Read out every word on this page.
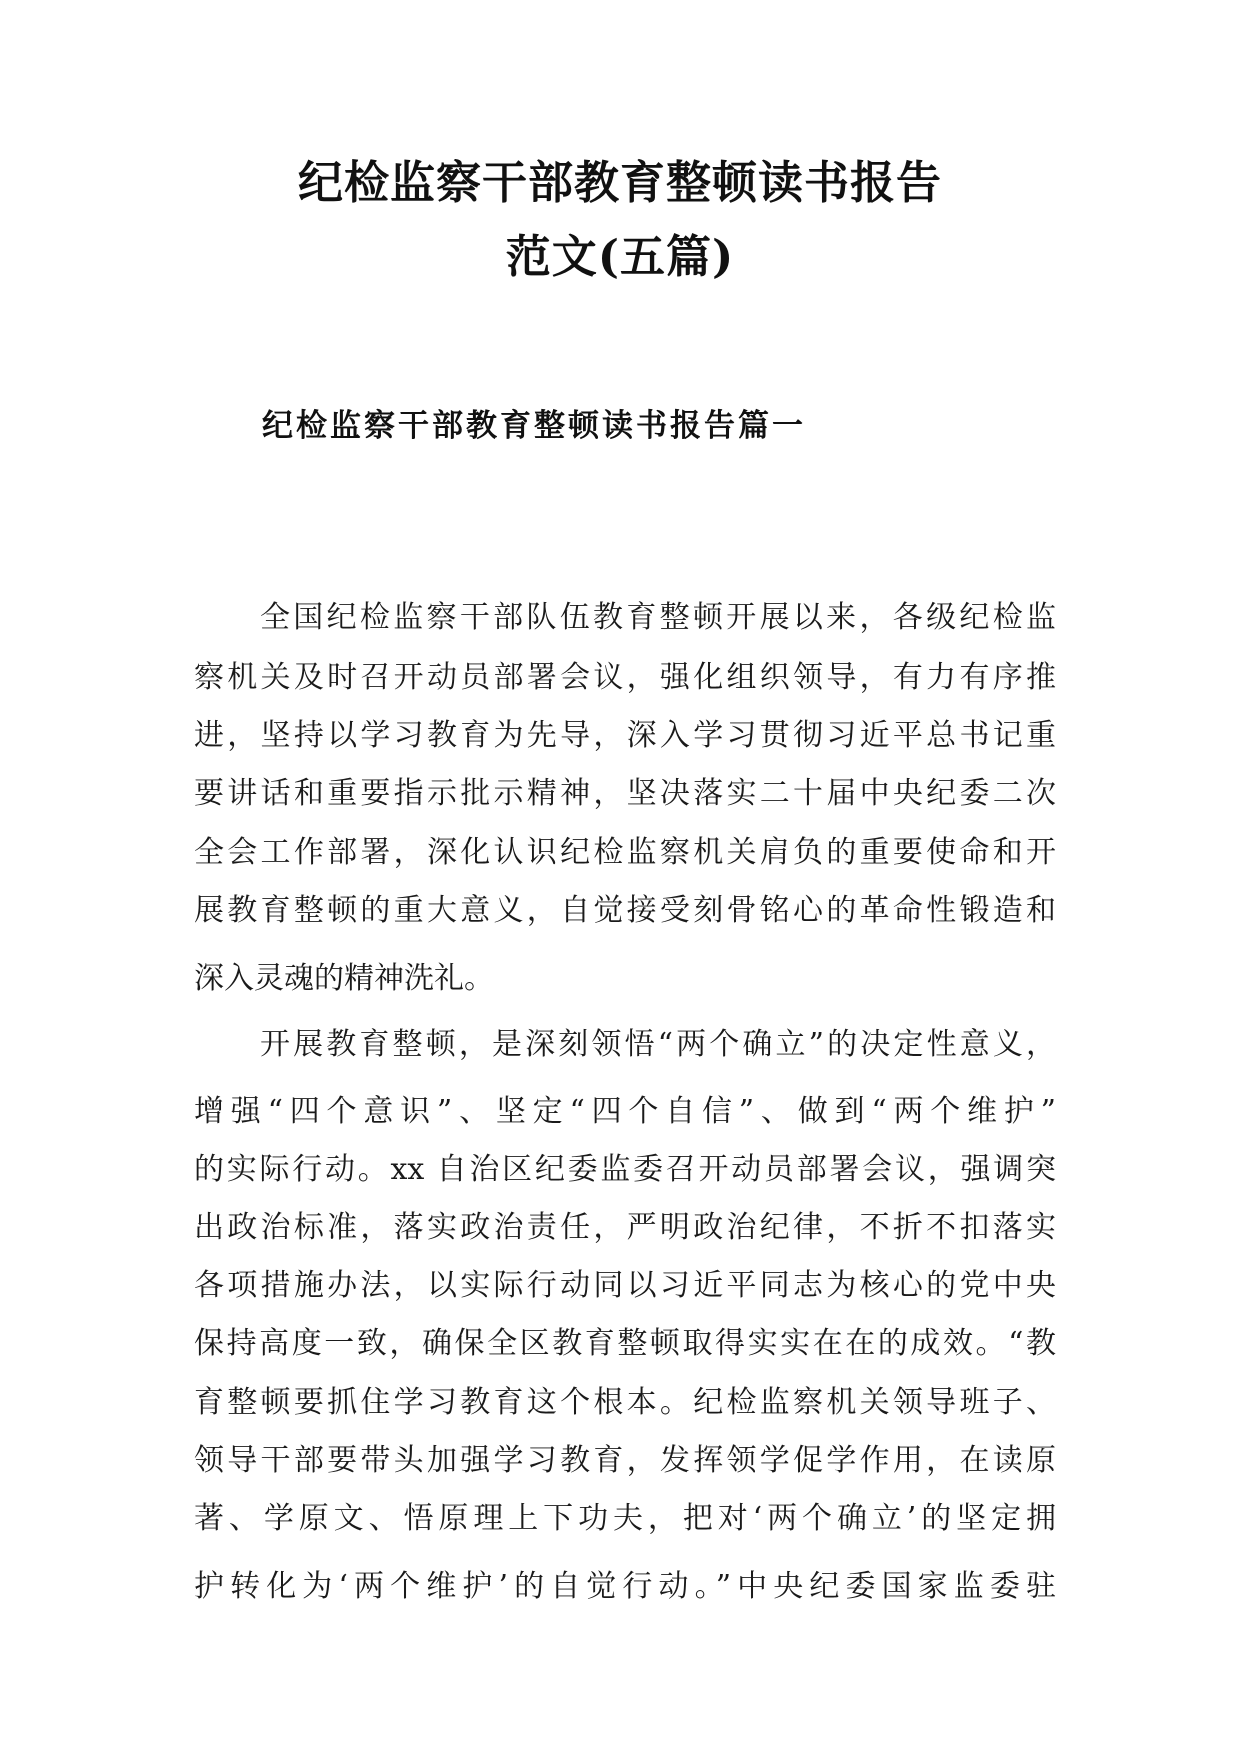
纪检监察干部教育整顿读书报告
范文(五篇)
纪检监察干部教育整顿读书报告篇一

全国纪检监察干部队伍教育整顿开展以来，各级纪检监

察机关及时召开动员部署会议，强化组织领导，有力有序推

进，坚持以学习教育为先导，深入学习贯彻习近平总书记重

要讲话和重要指示批示精神，坚决落实二十届中央纪委二次

全会工作部署，深化认识纪检监察机关肩负的重要使命和开

展教育整顿的重大意义，自觉接受刻骨铭心的革命性锻造和

深入灵魂的精神洗礼。

开展教育整顿，是深刻领悟“两个确立”的决定性意义，

增强“四个意识”、坚定“四个自信”、做到“两个维护”

的实际行动。xx 自治区纪委监委召开动员部署会议，强调突

出政治标准，落实政治责任，严明政治纪律，不折不扣落实

各项措施办法，以实际行动同以习近平同志为核心的党中央

保持高度一致，确保全区教育整顿取得实实在在的成效。“教

育整顿要抓住学习教育这个根本。纪检监察机关领导班子、

领导干部要带头加强学习教育，发挥领学促学作用，在读原

著、学原文、悟原理上下功夫，把对‘两个确立’的坚定拥

护转化为‘两个维护’的自觉行动。”中央纪委国家监委驻
